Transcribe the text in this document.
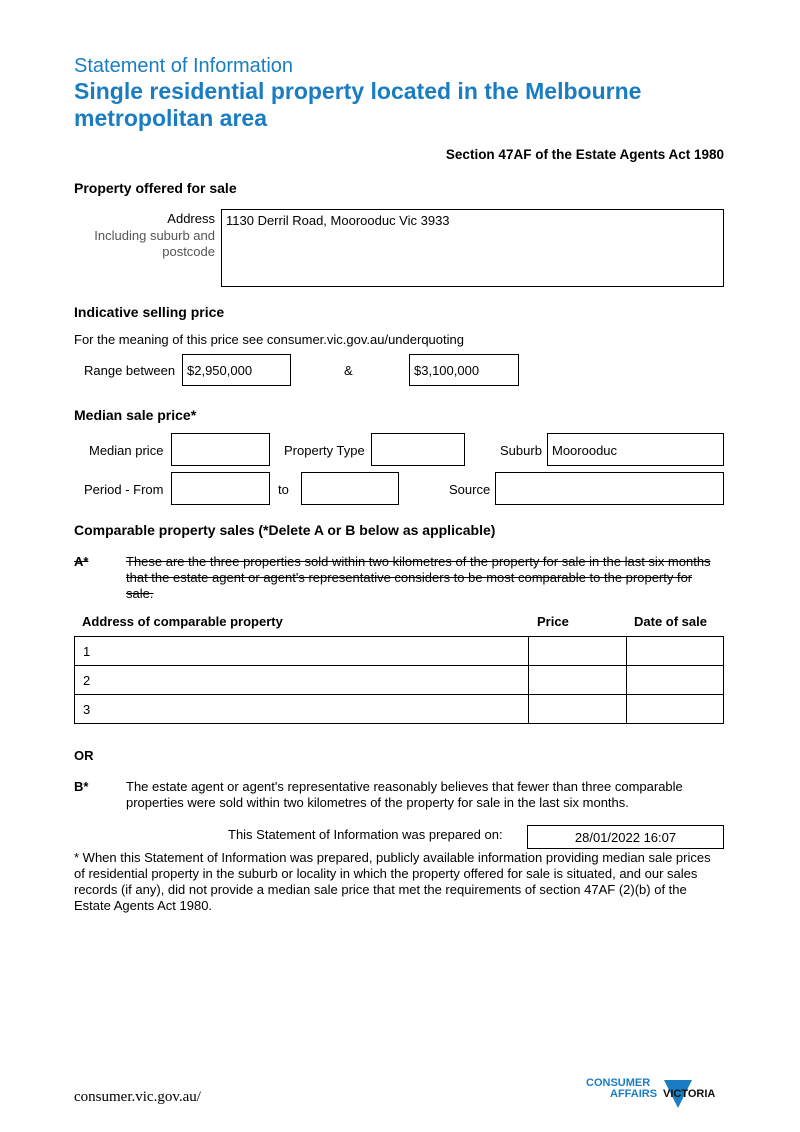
Statement of Information
Single residential property located in the Melbourne metropolitan area
Section 47AF of the Estate Agents Act 1980
Property offered for sale
Address
Including suburb and postcode
1130 Derril Road, Moorooduc Vic 3933
Indicative selling price
For the meaning of this price see consumer.vic.gov.au/underquoting
Range between $2,950,000	&	$3,100,000
Median sale price*
Median price	Property Type	Suburb Moorooduc
Period - From	to	Source
Comparable property sales (*Delete A or B below as applicable)
A*	These are the three properties sold within two kilometres of the property for sale in the last six months that the estate agent or agent's representative considers to be most comparable to the property for sale.
Address of comparable property	Price	Date of sale
1		
2		
3		
OR
B*	The estate agent or agent's representative reasonably believes that fewer than three comparable properties were sold within two kilometres of the property for sale in the last six months.
This Statement of Information was prepared on:	28/01/2022 16:07
* When this Statement of Information was prepared, publicly available information providing median sale prices of residential property in the suburb or locality in which the property offered for sale is situated, and our sales records (if any), did not provide a median sale price that met the requirements of section 47AF (2)(b) of the Estate Agents Act 1980.
consumer.vic.gov.au/
CONSUMER
AFFAIRS VICTORIA
